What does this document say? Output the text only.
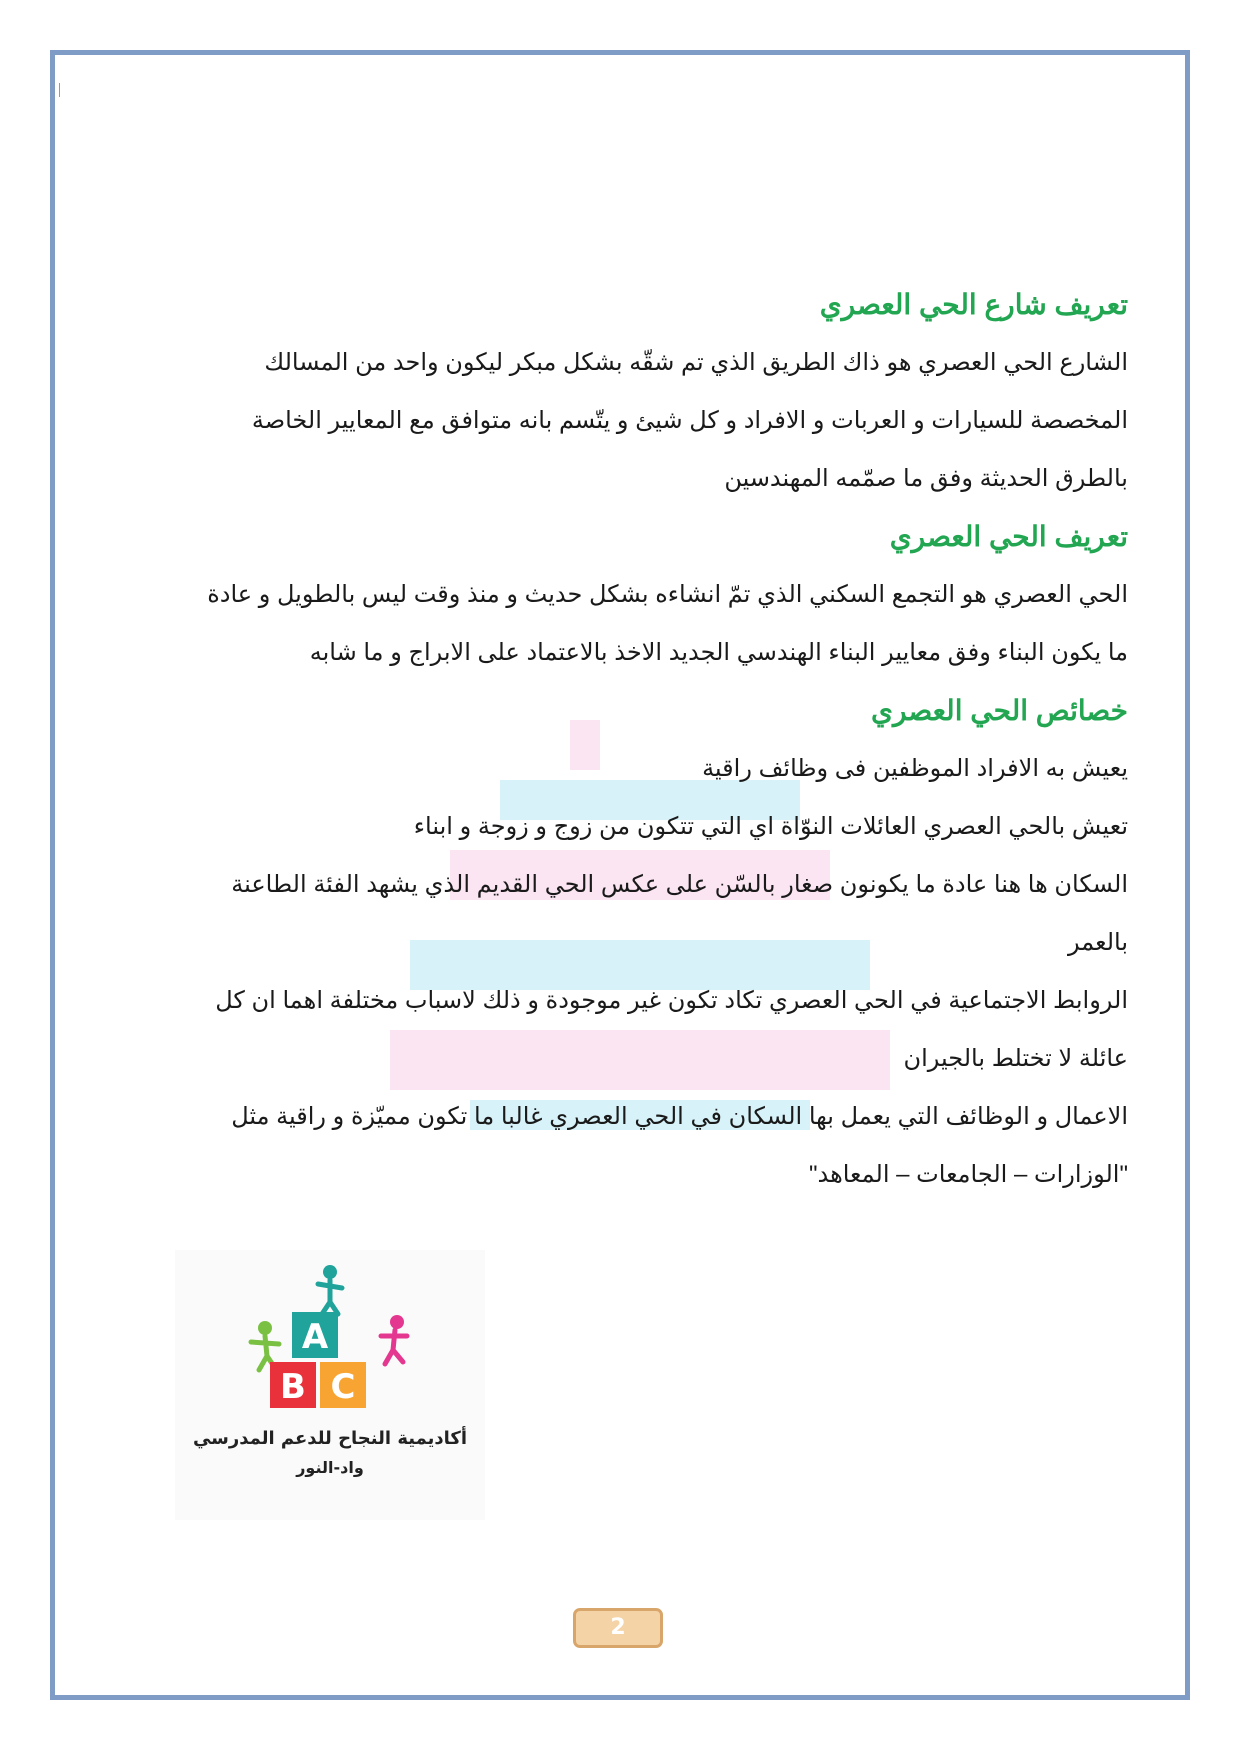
تعريف شارع الحي العصري
الشارع الحي العصري هو ذاك الطريق الذي تم شقّه بشكل مبكر ليكون واحد من المسالك
المخصصة للسيارات و العربات و الافراد و كل شيئ و يتّسم بانه متوافق مع المعايير الخاصة
بالطرق الحديثة وفق ما صمّمه المهندسين
تعريف الحي العصري
الحي العصري هو التجمع السكني الذي تمّ انشاءه بشكل حديث و منذ وقت ليس بالطويل و عادة
ما يكون البناء وفق معايير البناء الهندسي الجديد الاخذ بالاعتماد على الابراج و ما شابه
خصائص الحي العصري
يعيش به الافراد الموظفين فى وظائف راقية
تعيش بالحي العصري العائلات النوّاة اي التي تتكون من زوج و زوجة و ابناء
السكان ها هنا عادة ما يكونون صغار بالسّن على عكس الحي القديم الذي يشهد الفئة الطاعنة
بالعمر
الروابط الاجتماعية في الحي العصري تكاد تكون غير موجودة و ذلك لاسباب مختلفة اهما ان كل
عائلة لا تختلط بالجيران
الاعمال و الوظائف التي يعمل بها السكان في الحي العصري غالبا ما تكون مميّزة و راقية مثل
"الوزارات – الجامعات – المعاهد"
A
B C
أكاديمية النجاح للدعم المدرسي
واد-النور
2
